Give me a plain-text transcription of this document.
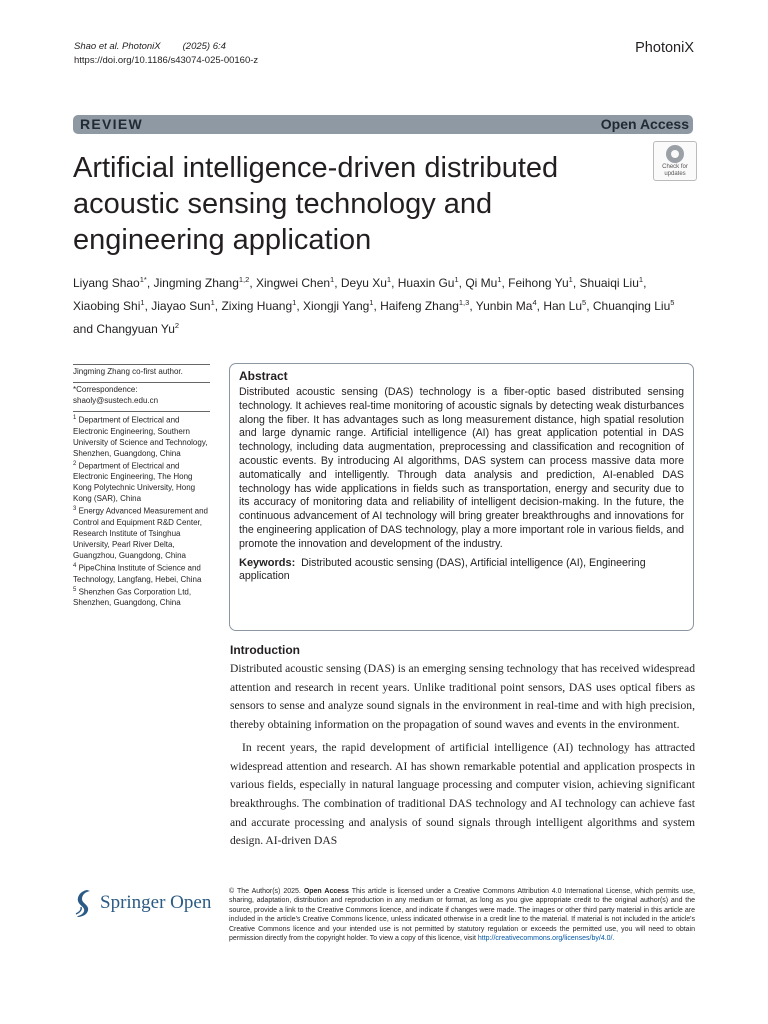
Shao et al. PhotoniX (2025) 6:4
https://doi.org/10.1186/s43074-025-00160-z
PhotoniX
REVIEW	Open Access
Artificial intelligence-driven distributed acoustic sensing technology and engineering application
Check for
updates
Liyang Shao$^{1*}$, Jingming Zhang$^{1,2}$, Xingwei Chen$^1$, Deyu Xu$^1$, Huaxin Gu$^1$, Qi Mu$^1$, Feihong Yu$^1$, Shuaiqi Liu$^1$, Xiaobing Shi$^1$, Jiayao Sun$^1$, Zixing Huang$^1$, Xiongji Yang$^1$, Haifeng Zhang$^{1,3}$, Yunbin Ma$^4$, Han Lu$^5$, Chuanqing Liu$^5$ and Changyuan Yu$^2$
Jingming Zhang co-first author.
*Correspondence:
shaoly@sustech.edu.cn
$^1$ Department of Electrical and Electronic Engineering, Southern University of Science and Technology, Shenzhen, Guangdong, China
$^2$ Department of Electrical and Electronic Engineering, The Hong Kong Polytechnic University, Hong Kong (SAR), China
$^3$ Energy Advanced Measurement and Control and Equipment R&D Center, Research Institute of Tsinghua University, Pearl River Delta, Guangzhou, Guangdong, China
$^4$ PipeChina Institute of Science and Technology, Langfang, Hebei, China
$^5$ Shenzhen Gas Corporation Ltd, Shenzhen, Guangdong, China
Abstract
Distributed acoustic sensing (DAS) technology is a fiber-optic based distributed sensing technology. It achieves real-time monitoring of acoustic signals by detecting weak disturbances along the fiber. It has advantages such as long measurement distance, high spatial resolution and large dynamic range. Artificial intelligence (AI) has great application potential in DAS technology, including data augmentation, preprocessing and classification and recognition of acoustic events. By introducing AI algorithms, DAS system can process massive data more automatically and intelligently. Through data analysis and prediction, AI-enabled DAS technology has wide applications in fields such as transportation, energy and security due to its accuracy of monitoring data and reliability of intelligent decision-making. In the future, the continuous advancement of AI technology will bring greater breakthroughs and innovations for the engineering application of DAS technology, play a more important role in various fields, and promote the innovation and development of the industry.
Keywords: Distributed acoustic sensing (DAS), Artificial intelligence (AI), Engineering application
Introduction

Distributed acoustic sensing (DAS) is an emerging sensing technology that has received widespread attention and research in recent years. Unlike traditional point sensors, DAS uses optical fibers as sensors to sense and analyze sound signals in the environment in real-time and with high precision, thereby obtaining information on the propagation of sound waves and events in the environment.

In recent years, the rapid development of artificial intelligence (AI) technology has attracted widespread attention and research. AI has shown remarkable potential and application prospects in various fields, especially in natural language processing and computer vision, achieving significant breakthroughs. The combination of traditional DAS technology and AI technology can achieve fast and accurate processing and analysis of sound signals through intelligent algorithms and system design. AI-driven DAS

Springer Open
© The Author(s) 2025. Open Access This article is licensed under a Creative Commons Attribution 4.0 International License, which permits use, sharing, adaptation, distribution and reproduction in any medium or format, as long as you give appropriate credit to the original author(s) and the source, provide a link to the Creative Commons licence, and indicate if changes were made. The images or other third party material in this article are included in the article's Creative Commons licence, unless indicated otherwise in a credit line to the material. If material is not included in the article's Creative Commons licence and your intended use is not permitted by statutory regulation or exceeds the permitted use, you will need to obtain permission directly from the copyright holder. To view a copy of this licence, visit http://creativecommons.org/licenses/by/4.0/.
